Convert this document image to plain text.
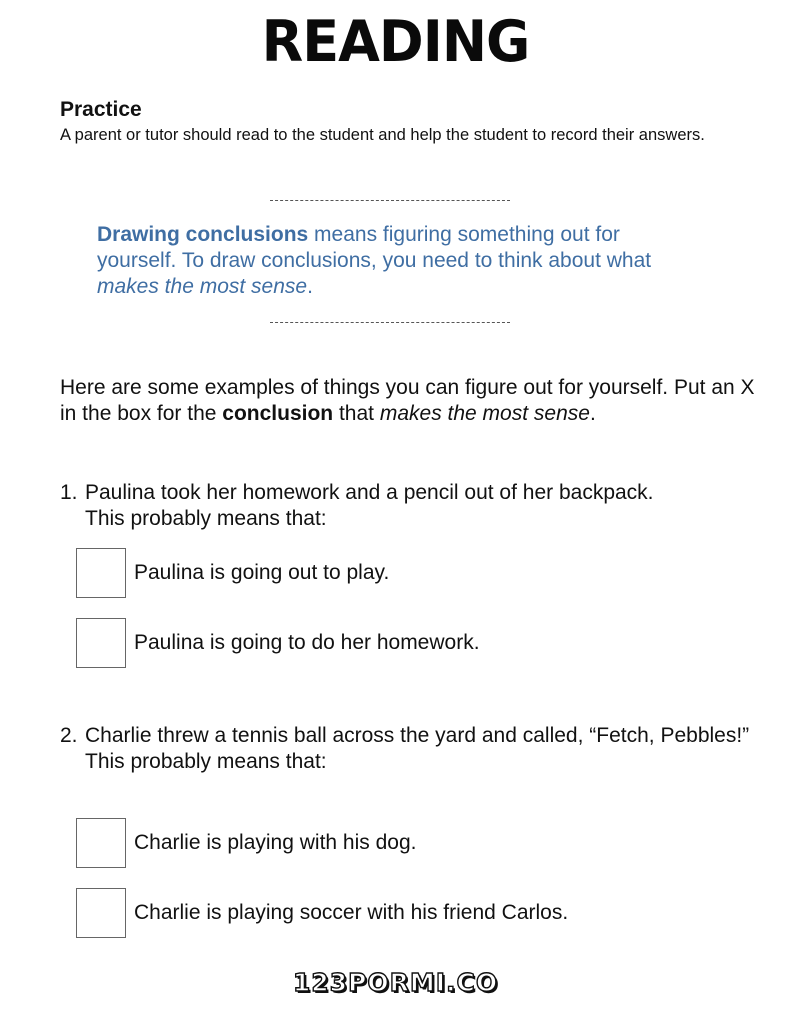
READING
Practice
A parent or tutor should read to the student and help the student to record their answers.
Drawing conclusions means figuring something out for yourself. To draw conclusions, you need to think about what makes the most sense.
Here are some examples of things you can figure out for yourself. Put an X in the box for the conclusion that makes the most sense.
1. Paulina took her homework and a pencil out of her backpack.
This probably means that:
Paulina is going out to play.
Paulina is going to do her homework.
2. Charlie threw a tennis ball across the yard and called, “Fetch, Pebbles!”
This probably means that:
Charlie is playing with his dog.
Charlie is playing soccer with his friend Carlos.
123PORMI.CO
